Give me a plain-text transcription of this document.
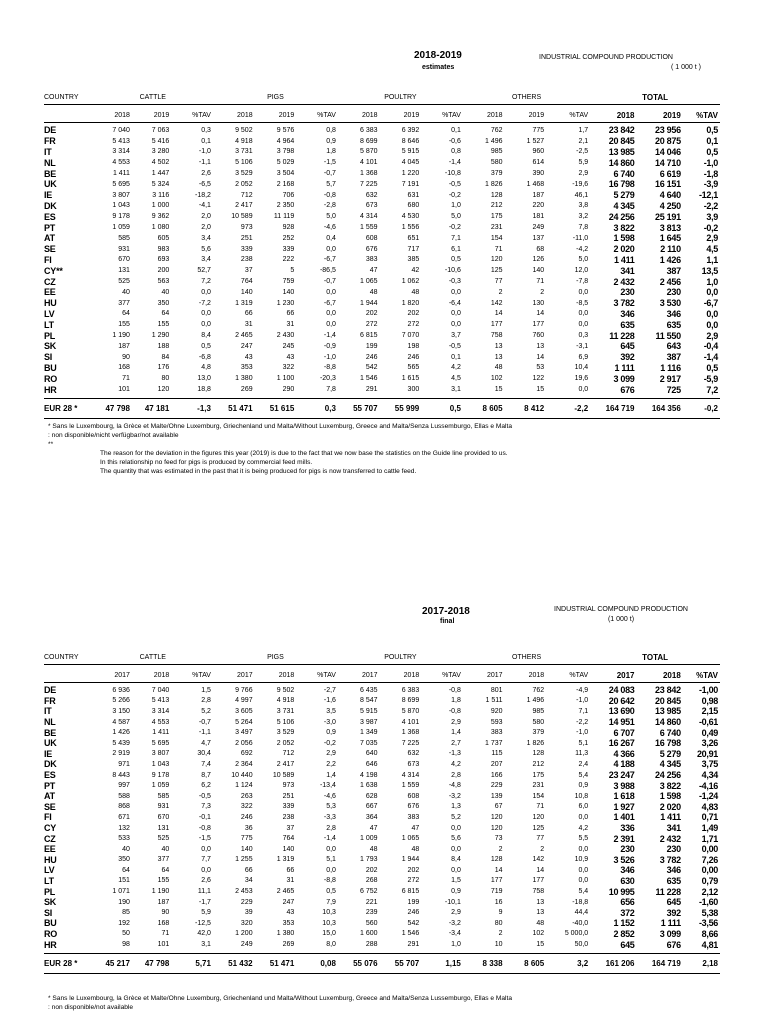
2018-2019
estimates
INDUSTRIAL COMPOUND PRODUCTION
( 1 000 t )
COUNTRY	CATTLE			PIGS			POULTRY			OTHERS			TOTAL		

	2018	2019	%TAV	2018	2019	%TAV	2018	2019	%TAV	2018	2019	%TAV	2018	2019	%TAV

DE	7 040	7 063	0,3	9 502	9 576	0,8	6 383	6 392	0,1	762	775	1,7	23 842	23 956	0,5
FR	5 413	5 416	0,1	4 918	4 964	0,9	8 699	8 646	-0,6	1 496	1 527	2,1	20 845	20 875	0,1
IT	3 314	3 280	-1,0	3 731	3 798	1,8	5 870	5 915	0,8	985	960	-2,5	13 985	14 046	0,5
NL	4 553	4 502	-1,1	5 106	5 029	-1,5	4 101	4 045	-1,4	580	614	5,9	14 860	14 710	-1,0
BE	1 411	1 447	2,6	3 529	3 504	-0,7	1 368	1 220	-10,8	379	390	2,9	6 740	6 619	-1,8
UK	5 695	5 324	-6,5	2 052	2 168	5,7	7 225	7 191	-0,5	1 826	1 468	-19,6	16 798	16 151	-3,9
IE	3 807	3 116	-18,2	712	706	-0,8	632	631	-0,2	128	187	46,1	5 279	4 640	-12,1
DK	1 043	1 000	-4,1	2 417	2 350	-2,8	673	680	1,0	212	220	3,8	4 345	4 250	-2,2
ES	9 178	9 362	2,0	10 589	11 119	5,0	4 314	4 530	5,0	175	181	3,2	24 256	25 191	3,9
PT	1 059	1 080	2,0	973	928	-4,6	1 559	1 556	-0,2	231	249	7,8	3 822	3 813	-0,2
AT	585	605	3,4	251	252	0,4	608	651	7,1	154	137	-11,0	1 598	1 645	2,9
SE	931	983	5,6	339	339	0,0	676	717	6,1	71	68	-4,2	2 020	2 110	4,5
FI	670	693	3,4	238	222	-6,7	383	385	0,5	120	126	5,0	1 411	1 426	1,1
CY**	131	200	52,7	37	5	-86,5	47	42	-10,6	125	140	12,0	341	387	13,5
CZ	525	563	7,2	764	759	-0,7	1 065	1 062	-0,3	77	71	-7,8	2 432	2 456	1,0
EE	40	40	0,0	140	140	0,0	48	48	0,0	2	2	0,0	230	230	0,0
HU	377	350	-7,2	1 319	1 230	-6,7	1 944	1 820	-6,4	142	130	-8,5	3 782	3 530	-6,7
LV	64	64	0,0	66	66	0,0	202	202	0,0	14	14	0,0	346	346	0,0
LT	155	155	0,0	31	31	0,0	272	272	0,0	177	177	0,0	635	635	0,0
PL	1 190	1 290	8,4	2 465	2 430	-1,4	6 815	7 070	3,7	758	760	0,3	11 228	11 550	2,9
SK	187	188	0,5	247	245	-0,9	199	198	-0,5	13	13	-3,1	645	643	-0,4
SI	90	84	-6,8	43	43	-1,0	246	246	0,1	13	14	6,9	392	387	-1,4
BU	168	176	4,8	353	322	-8,8	542	565	4,2	48	53	10,4	1 111	1 116	0,5
RO	71	80	13,0	1 380	1 100	-20,3	1 546	1 615	4,5	102	122	19,6	3 099	2 917	-5,9
HR	101	120	18,8	269	290	7,8	291	300	3,1	15	15	0,0	676	725	7,2

EUR 28 *	47 798	47 181	-1,3	51 471	51 615	0,3	55 707	55 999	0,5	8 605	8 412	-2,2	164 719	164 356	-0,2

* Sans le Luxembourg, la Grèce et Malte/Ohne Luxemburg, Griechenland und Malta/Without Luxemburg, Greece and Malta/Senza Lussemburgo, Ellas e Malta
: non disponible/nicht verfügbar/not available
**
The reason for the deviation in the figures this year (2019) is due to the fact that we now base the statistics on the Guide line provided to us.
In this relationship no feed for pigs is produced by commercial feed mills.
The quantity that was estimated in the past that it is being produced for pigs is now transferred to cattle feed.
2017-2018
final
INDUSTRIAL COMPOUND PRODUCTION
(1 000 t)
COUNTRY	CATTLE			PIGS			POULTRY			OTHERS			TOTAL		

	2017	2018	%TAV	2017	2018	%TAV	2017	2018	%TAV	2017	2018	%TAV	2017	2018	%TAV

DE	6 936	7 040	1,5	9 766	9 502	-2,7	6 435	6 383	-0,8	801	762	-4,9	24 083	23 842	-1,00
FR	5 266	5 413	2,8	4 997	4 918	-1,6	8 547	8 699	1,8	1 511	1 496	-1,0	20 642	20 845	0,98
IT	3 150	3 314	5,2	3 605	3 731	3,5	5 915	5 870	-0,8	920	985	7,1	13 690	13 985	2,15
NL	4 587	4 553	-0,7	5 264	5 106	-3,0	3 987	4 101	2,9	593	580	-2,2	14 951	14 860	-0,61
BE	1 426	1 411	-1,1	3 497	3 529	0,9	1 349	1 368	1,4	383	379	-1,0	6 707	6 740	0,49
UK	5 439	5 695	4,7	2 056	2 052	-0,2	7 035	7 225	2,7	1 737	1 826	5,1	16 267	16 798	3,26
IE	2 919	3 807	30,4	692	712	2,9	640	632	-1,3	115	128	11,3	4 366	5 279	20,91
DK	971	1 043	7,4	2 364	2 417	2,2	646	673	4,2	207	212	2,4	4 188	4 345	3,75
ES	8 443	9 178	8,7	10 440	10 589	1,4	4 198	4 314	2,8	166	175	5,4	23 247	24 256	4,34
PT	997	1 059	6,2	1 124	973	-13,4	1 638	1 559	-4,8	229	231	0,9	3 988	3 822	-4,16
AT	588	585	-0,5	263	251	-4,6	628	608	-3,2	139	154	10,8	1 618	1 598	-1,24
SE	868	931	7,3	322	339	5,3	667	676	1,3	67	71	6,0	1 927	2 020	4,83
FI	671	670	-0,1	246	238	-3,3	364	383	5,2	120	120	0,0	1 401	1 411	0,71
CY	132	131	-0,8	36	37	2,8	47	47	0,0	120	125	4,2	336	341	1,49
CZ	533	525	-1,5	775	764	-1,4	1 009	1 065	5,6	73	77	5,5	2 391	2 432	1,71
EE	40	40	0,0	140	140	0,0	48	48	0,0	2	2	0,0	230	230	0,00
HU	350	377	7,7	1 255	1 319	5,1	1 793	1 944	8,4	128	142	10,9	3 526	3 782	7,26
LV	64	64	0,0	66	66	0,0	202	202	0,0	14	14	0,0	346	346	0,00
LT	151	155	2,6	34	31	-8,8	268	272	1,5	177	177	0,0	630	635	0,79
PL	1 071	1 190	11,1	2 453	2 465	0,5	6 752	6 815	0,9	719	758	5,4	10 995	11 228	2,12
SK	190	187	-1,7	229	247	7,9	221	199	-10,1	16	13	-18,8	656	645	-1,60
SI	85	90	5,9	39	43	10,3	239	246	2,9	9	13	44,4	372	392	5,38
BU	192	168	-12,5	320	353	10,3	560	542	-3,2	80	48	-40,0	1 152	1 111	-3,56
RO	50	71	42,0	1 200	1 380	15,0	1 600	1 546	-3,4	2	102	5 000,0	2 852	3 099	8,66
HR	98	101	3,1	249	269	8,0	288	291	1,0	10	15	50,0	645	676	4,81

EUR 28 *	45 217	47 798	5,71	51 432	51 471	0,08	55 076	55 707	1,15	8 338	8 605	3,2	161 206	164 719	2,18

* Sans le Luxembourg, la Grèce et Malte/Ohne Luxemburg, Griechenland und Malta/Without Luxemburg, Greece and Malta/Senza Lussemburgo, Ellas e Malta
: non disponible/not available
